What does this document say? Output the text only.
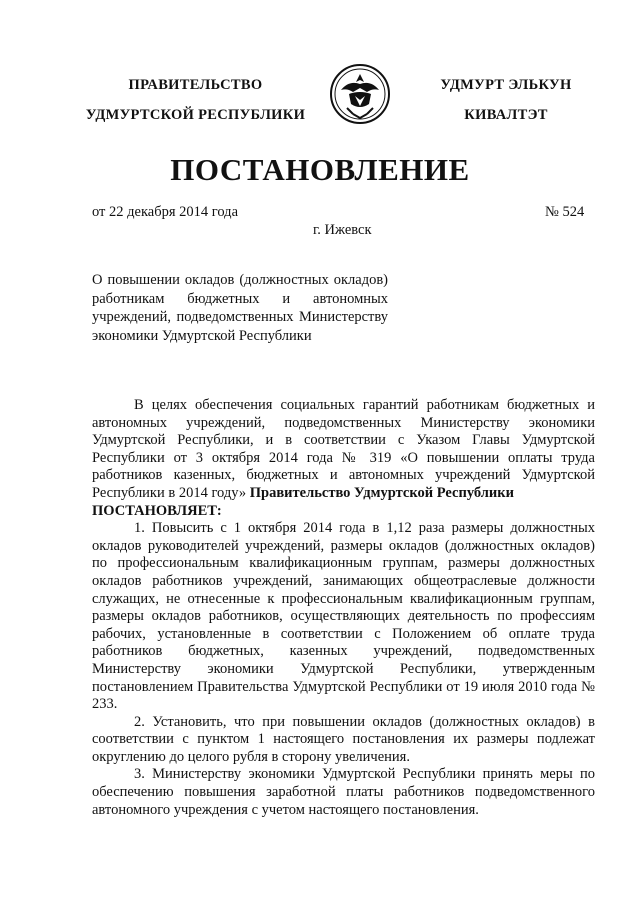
ПРАВИТЕЛЬСТВО
УДМУРТСКОЙ РЕСПУБЛИКИ
УДМУРТ ЭЛЬКУН
КИВАЛТЭТ
ПОСТАНОВЛЕНИЕ
от 22 декабря 2014 года	№ 524
г. Ижевск
О повышении окладов (должностных окладов) работникам бюджетных и автономных учреждений, подведомственных Министерству экономики Удмуртской Республики

В целях обеспечения социальных гарантий работникам бюджетных и автономных учреждений, подведомственных Министерству экономики Удмуртской Республики, и в соответствии с Указом Главы Удмуртской Республики от 3 октября 2014 года № 319 «О повышении оплаты труда работников казенных, бюджетных и автономных учреждений Удмуртской Республики в 2014 году» Правительство Удмуртской Республики

ПОСТАНОВЛЯЕТ:

1. Повысить с 1 октября 2014 года в 1,12 раза размеры должностных окладов руководителей учреждений, размеры окладов (должностных окладов) по профессиональным квалификационным группам, размеры должностных окладов работников учреждений, занимающих общеотраслевые должности служащих, не отнесенные к профессиональным квалификационным группам, размеры окладов работников, осуществляющих деятельность по профессиям рабочих, установленные в соответствии с Положением об оплате труда работников бюджетных, казенных учреждений, подведомственных Министерству экономики Удмуртской Республики, утвержденным постановлением Правительства Удмуртской Республики от 19 июля 2010 года № 233.

2. Установить, что при повышении окладов (должностных окладов) в соответствии с пунктом 1 настоящего постановления их размеры подлежат округлению до целого рубля в сторону увеличения.

3. Министерству экономики Удмуртской Республики принять меры по обеспечению повышения заработной платы работников подведомственного автономного учреждения с учетом настоящего постановления.
